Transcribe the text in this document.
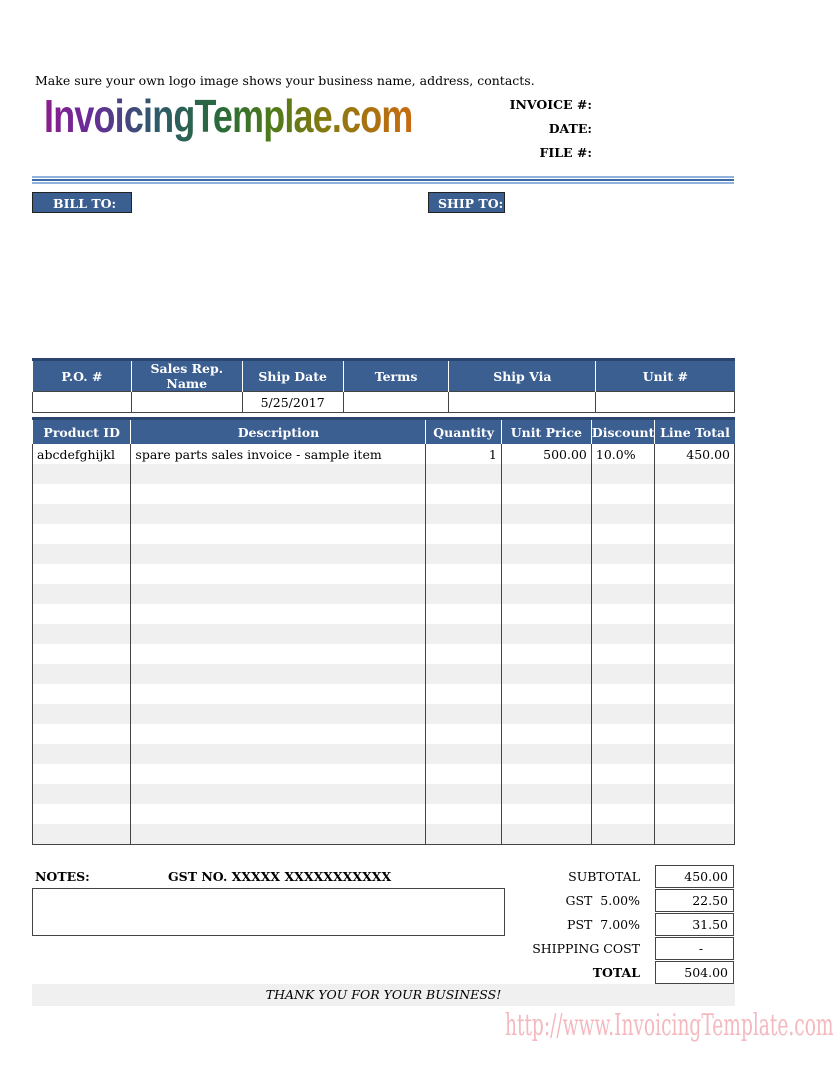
Make sure your own logo image shows your business name, address, contacts.
InvoicingTemplae.com	INVOICE #:
DATE:
FILE #:
BILL TO:	SHIP TO:
P.O. #	Sales Rep. Name	Ship Date	Terms	Ship Via	Unit #
		5/25/2017			
Product ID	Description	Quantity	Unit Price	Discount	Line Total
abcdefghijkl	spare parts sales invoice - sample item	1	500.00	10.0%	450.00

NOTES:	GST NO. XXXXX XXXXXXXXXXX	SUBTOTAL	450.00
GST  5.00%	22.50
PST  7.00%	31.50
SHIPPING COST	-
TOTAL	504.00
THANK YOU FOR YOUR BUSINESS!
http://www.InvoicingTemplate.com
